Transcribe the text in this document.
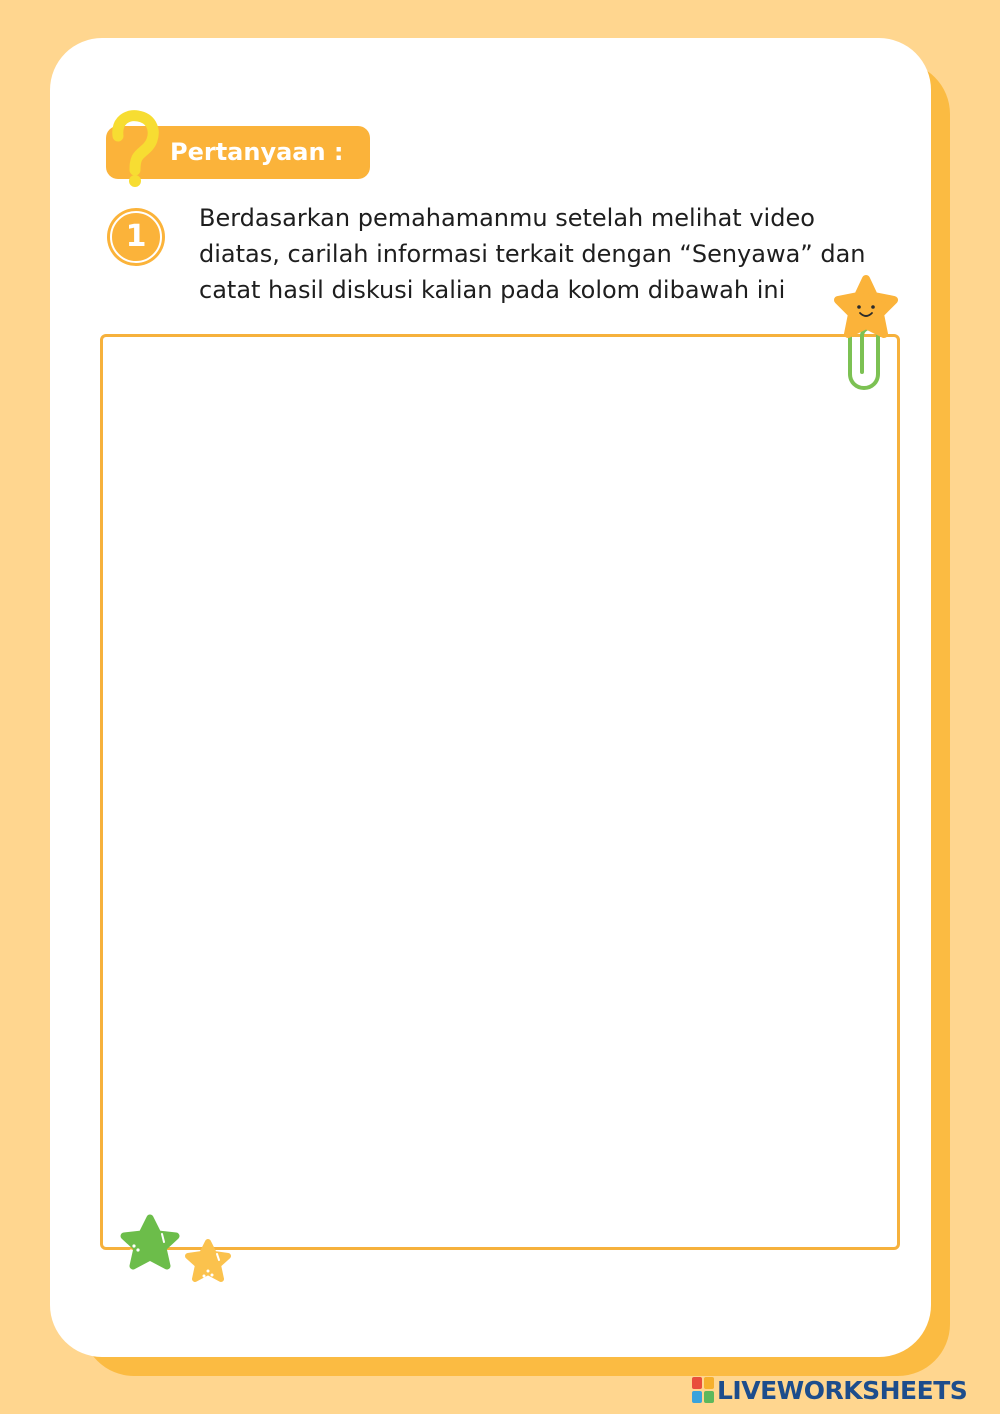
Pertanyaan :
1

Berdasarkan pemahamanmu setelah melihat video diatas, carilah informasi terkait dengan “Senyawa” dan catat hasil diskusi kalian pada kolom dibawah ini

LIVEWORKSHEETS
